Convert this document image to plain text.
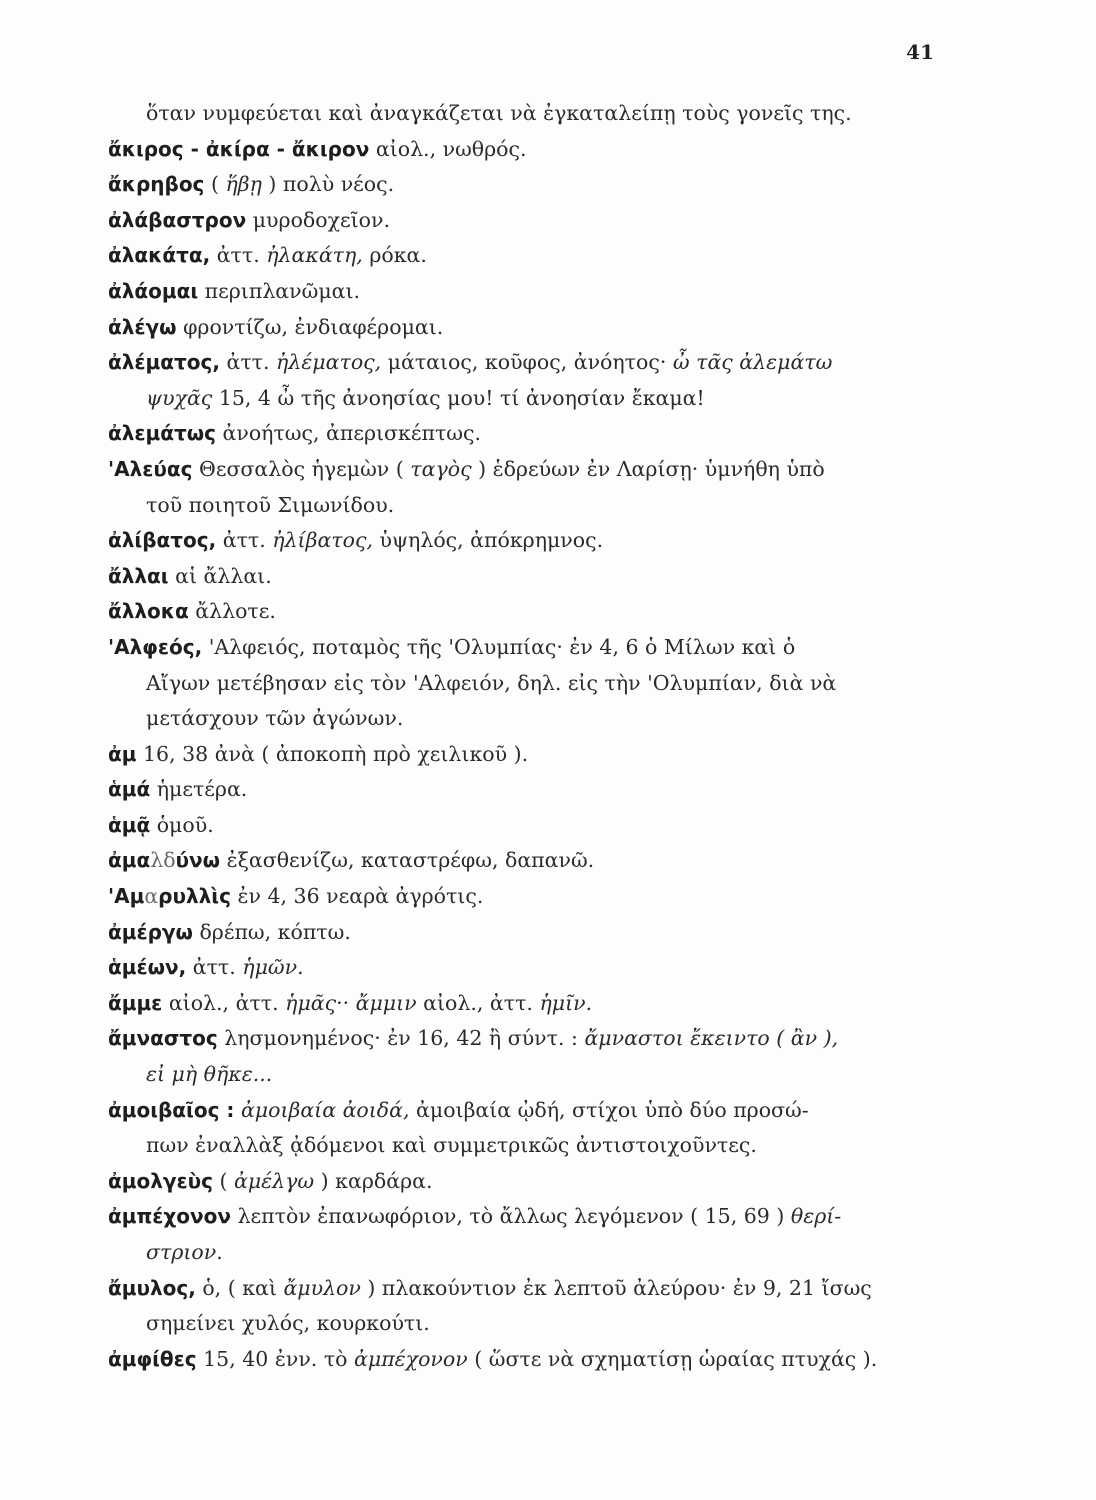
41
ὅταν νυμφεύεται καὶ ἀναγκάζεται νὰ ἐγκαταλείπῃ τοὺς γονεῖς της.
ἄκιρος - ἀκίρα - ἄκιρον αἰολ., νωθρός.
ἄκρηβος ( ἥβῃ ) πολὺ νέος.
ἀλάβαστρον μυροδοχεῖον.
ἀλακάτα, ἀττ. ἠλακάτη, ρόκα.
ἀλάομαι περιπλανῶμαι.
ἀλέγω φροντίζω, ἐνδιαφέρομαι.
ἀλέματος, ἀττ. ἠλέματος, μάταιος, κοῦφος, ἀνόητος· ὦ τᾶς ἀλεμάτω
ψυχᾶς 15, 4 ὦ τῆς ἀνοησίας μου! τί ἀνοησίαν ἔκαμα!
ἀλεμάτως ἀνοήτως, ἀπερισκέπτως.
'Αλεύας Θεσσαλὸς ἡγεμὼν ( ταγὸς ) ἑδρεύων ἐν Λαρίσῃ· ὑμνήθη ὑπὸ
τοῦ ποιητοῦ Σιμωνίδου.
ἀλίβατος, ἀττ. ἠλίβατος, ὑψηλός, ἀπόκρημνος.
ἄλλαι αἱ ἄλλαι.
ἄλλοκα ἄλλοτε.
'Αλφεός, 'Αλφειός, ποταμὸς τῆς 'Ολυμπίας· ἐν 4, 6 ὁ Μίλων καὶ ὁ
Αἴγων μετέβησαν εἰς τὸν 'Αλφειόν, δηλ. εἰς τὴν 'Ολυμπίαν, διὰ νὰ
μετάσχουν τῶν ἀγώνων.
ἀμ 16, 38 ἀνὰ ( ἀποκοπὴ πρὸ χειλικοῦ ).
ἁμά ἡμετέρα.
ἁμᾷ ὁμοῦ.
ἀμαλδύνω ἐξασθενίζω, καταστρέφω, δαπανῶ.
'Αμαρυλλὶς ἐν 4, 36 νεαρὰ ἀγρότις.
ἀμέργω δρέπω, κόπτω.
ἁμέων, ἀττ. ἡμῶν.
ἄμμε αἰολ., ἀττ. ἡμᾶς·· ἄμμιν αἰολ., ἀττ. ἡμῖν.
ἄμναστος λησμονημένος· ἐν 16, 42 ἢ σύντ. : ἄμναστοι ἔκειντο ( ἂν ),
εἰ μὴ θῆκε...
ἀμοιβαῖος : ἀμοιβαία ἀοιδά, ἀμοιβαία ᾠδή, στίχοι ὑπὸ δύο προσώ-
πων ἐναλλὰξ ᾀδόμενοι καὶ συμμετρικῶς ἀντιστοιχοῦντες.
ἀμολγεὺς ( ἀμέλγω ) καρδάρα.
ἀμπέχονον λεπτὸν ἐπανωφόριον, τὸ ἄλλως λεγόμενον ( 15, 69 ) θερί-
στριον.
ἄμυλος, ὁ, ( καὶ ἄμυλον ) πλακούντιον ἐκ λεπτοῦ ἀλεύρου· ἐν 9, 21 ἴσως
σημείνει χυλός, κουρκούτι.
ἀμφίθες 15, 40 ἐνν. τὸ ἀμπέχονον ( ὥστε νὰ σχηματίσῃ ὡραίας πτυχάς ).
